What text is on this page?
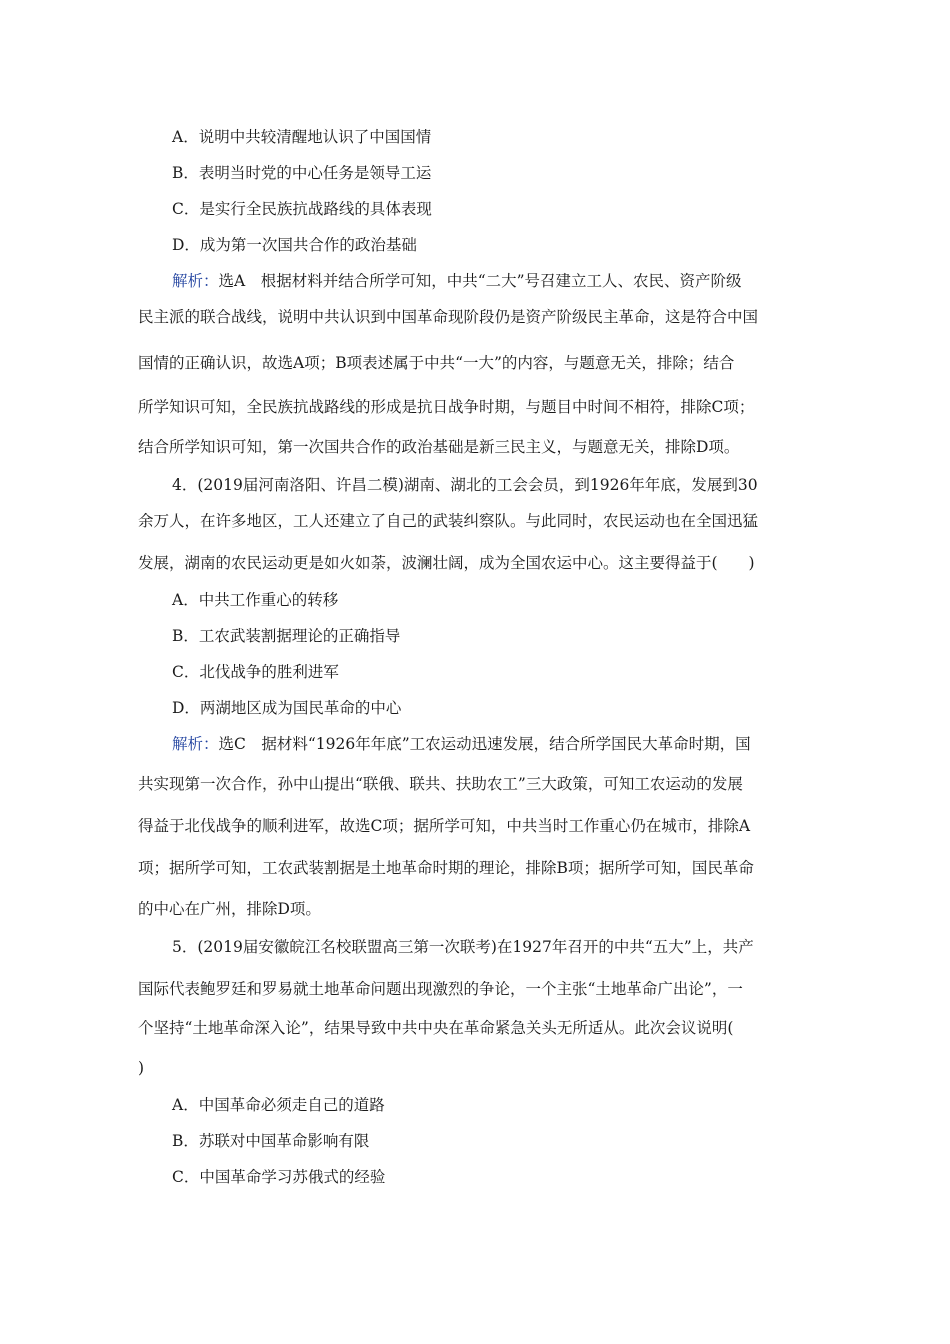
A．说明中共较清醒地认识了中国国情
B．表明当时党的中心任务是领导工运
C．是实行全民族抗战路线的具体表现
D．成为第一次国共合作的政治基础
解析：选A　根据材料并结合所学可知，中共“二大”号召建立工人、农民、资产阶级
民主派的联合战线，说明中共认识到中国革命现阶段仍是资产阶级民主革命，这是符合中国
国情的正确认识，故选A项；B项表述属于中共“一大”的内容，与题意无关，排除；结合
所学知识可知，全民族抗战路线的形成是抗日战争时期，与题目中时间不相符，排除C项；
结合所学知识可知，第一次国共合作的政治基础是新三民主义，与题意无关，排除D项。
4．(2019届河南洛阳、许昌二模)湖南、湖北的工会会员，到1926年年底，发展到30
余万人，在许多地区，工人还建立了自己的武装纠察队。与此同时，农民运动也在全国迅猛
发展，湖南的农民运动更是如火如荼，波澜壮阔，成为全国农运中心。这主要得益于(　　)
A．中共工作重心的转移
B．工农武装割据理论的正确指导
C．北伐战争的胜利进军
D．两湖地区成为国民革命的中心
解析：选C　据材料“1926年年底”工农运动迅速发展，结合所学国民大革命时期，国
共实现第一次合作，孙中山提出“联俄、联共、扶助农工”三大政策，可知工农运动的发展
得益于北伐战争的顺利进军，故选C项；据所学可知，中共当时工作重心仍在城市，排除A
项；据所学可知，工农武装割据是土地革命时期的理论，排除B项；据所学可知，国民革命
的中心在广州，排除D项。
5．(2019届安徽皖江名校联盟高三第一次联考)在1927年召开的中共“五大”上，共产
国际代表鲍罗廷和罗易就土地革命问题出现激烈的争论，一个主张“土地革命广出论”，一
个坚持“土地革命深入论”，结果导致中共中央在革命紧急关头无所适从。此次会议说明(
)
A．中国革命必须走自己的道路
B．苏联对中国革命影响有限
C．中国革命学习苏俄式的经验
